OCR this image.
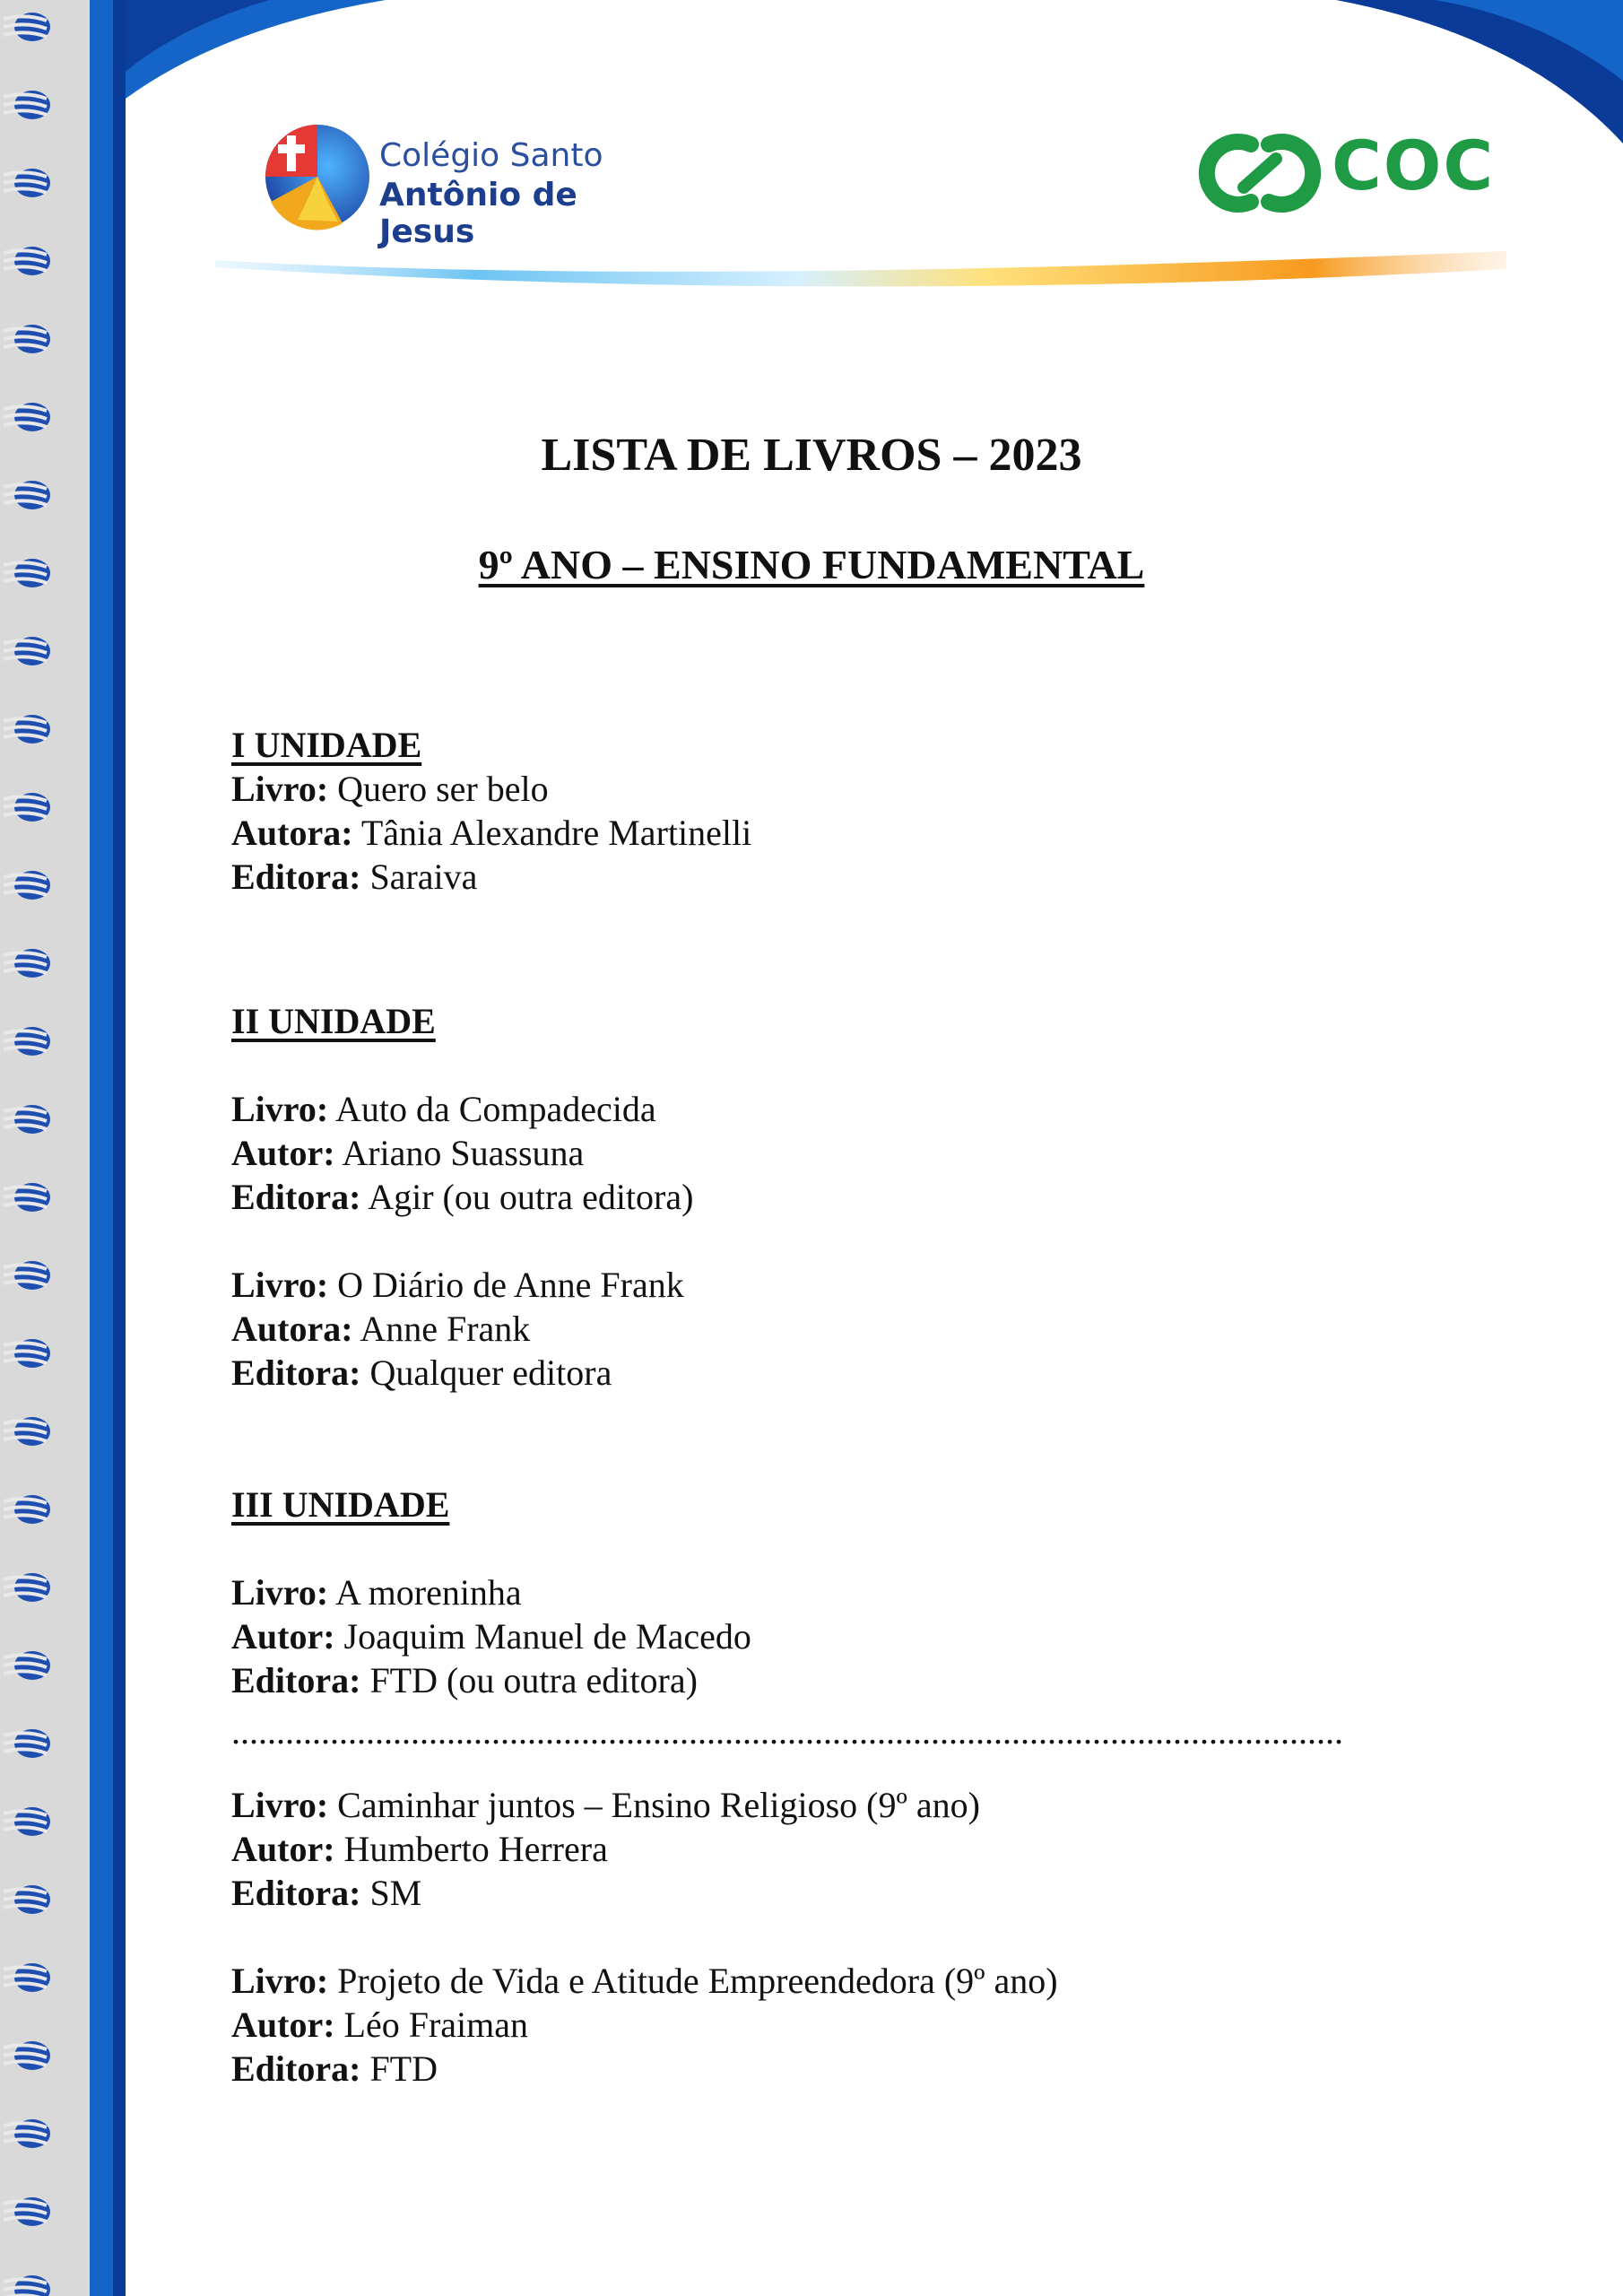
Colégio Santo
Antônio de Jesus
COC
LISTA DE LIVROS – 2023
9º ANO – ENSINO FUNDAMENTAL

I UNIDADE

Livro: Quero ser belo

Autora: Tânia Alexandre Martinelli

Editora: Saraiva

II UNIDADE

Livro: Auto da Compadecida

Autor: Ariano Suassuna

Editora: Agir (ou outra editora)

Livro: O Diário de Anne Frank

Autora: Anne Frank

Editora: Qualquer editora

III UNIDADE

Livro: A moreninha

Autor: Joaquim Manuel de Macedo

Editora: FTD (ou outra editora)

............................................................................................................................

Livro: Caminhar juntos – Ensino Religioso (9º ano)

Autor: Humberto Herrera

Editora: SM

Livro: Projeto de Vida e Atitude Empreendedora (9º ano)

Autor: Léo Fraiman

Editora: FTD
